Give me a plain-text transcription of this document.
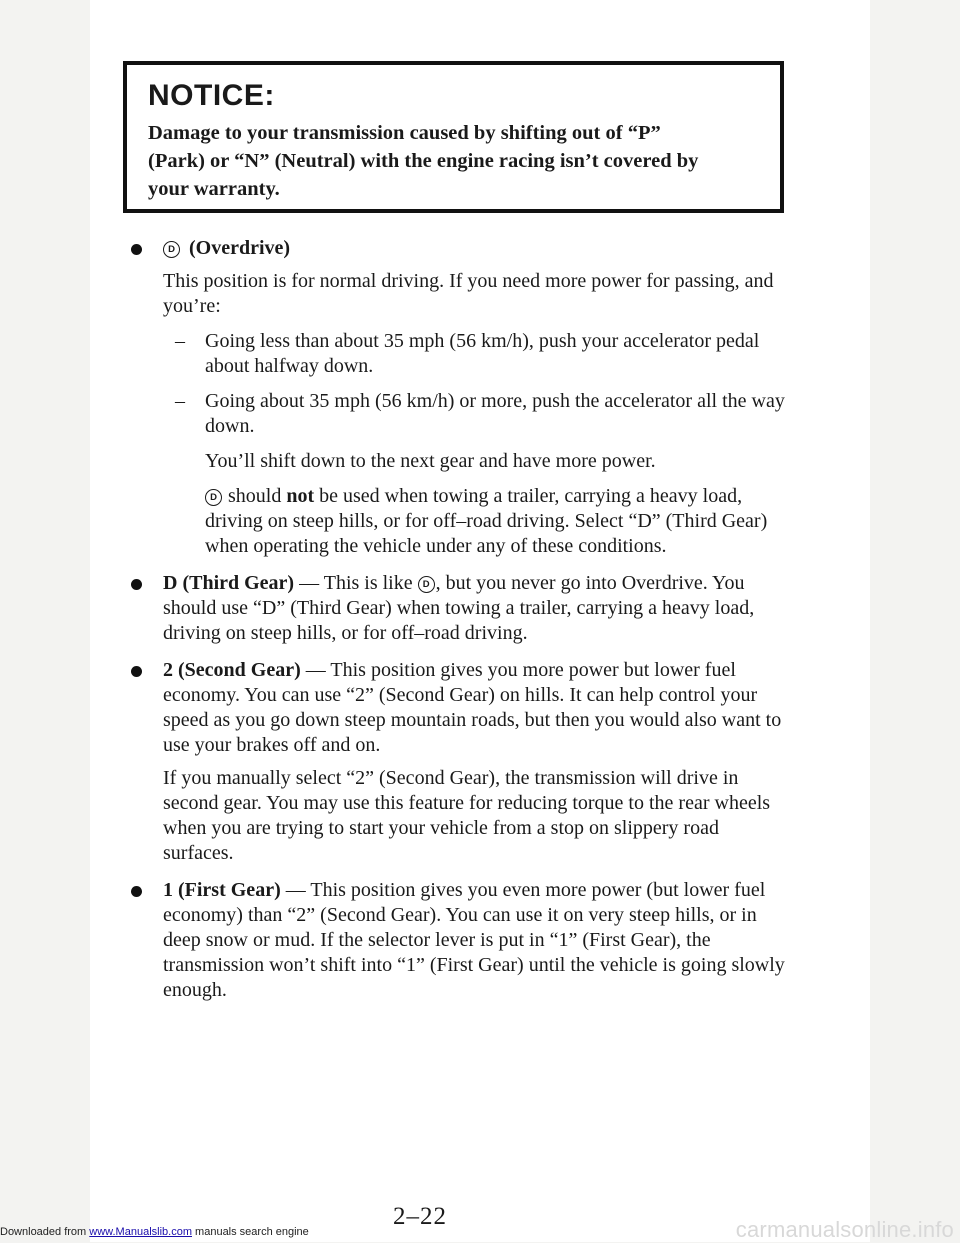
NOTICE:

Damage to your transmission caused by shifting out of “P”
(Park) or “N” (Neutral) with the engine racing isn’t covered by
your warranty.

D (Overdrive)

This position is for normal driving. If you need more power for passing, and you’re:

– Going less than about 35 mph (56 km/h), push your accelerator pedal about halfway down.
– Going about 35 mph (56 km/h) or more, push the accelerator all the way down.

You’ll shift down to the next gear and have more power.

D should not be used when towing a trailer, carrying a heavy load, driving on steep hills, or for off–road driving. Select “D” (Third Gear) when operating the vehicle under any of these conditions.

D (Third Gear) — This is like D , but you never go into Overdrive. You should use “D” (Third Gear) when towing a trailer, carrying a heavy load, driving on steep hills, or for off–road driving.
2 (Second Gear) — This position gives you more power but lower fuel economy. You can use “2” (Second Gear) on hills. It can help control your speed as you go down steep mountain roads, but then you would also want to use your brakes off and on.

If you manually select “2” (Second Gear), the transmission will drive in second gear. You may use this feature for reducing torque to the rear wheels when you are trying to start your vehicle from a stop on slippery road surfaces.

1 (First Gear) — This position gives you even more power (but lower fuel economy) than “2” (Second Gear). You can use it on very steep hills, or in deep snow or mud. If the selector lever is put in “1” (First Gear), the transmission won’t shift into “1” (First Gear) until the vehicle is going slowly enough.
2–22
Downloaded from www.Manualslib.com manuals search engine	carmanualsonline.info
